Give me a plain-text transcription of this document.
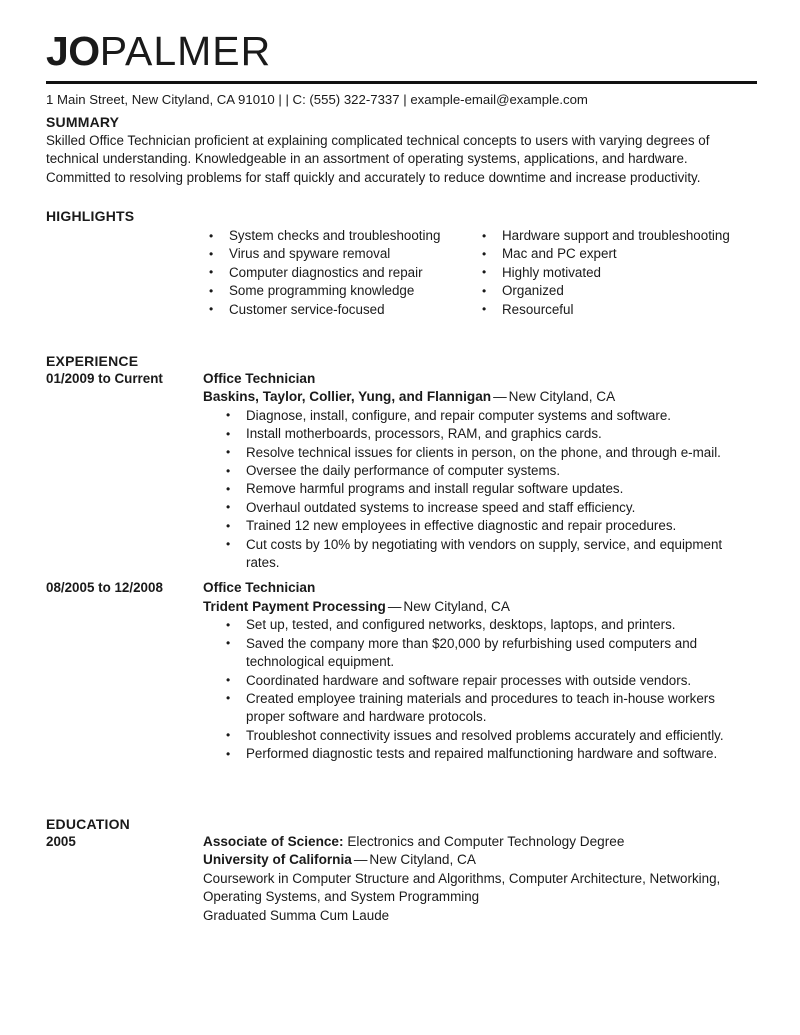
JOPALMER
1 Main Street, New Cityland, CA 91010 | | C: (555) 322-7337 | example-email@example.com
SUMMARY
Skilled Office Technician proficient at explaining complicated technical concepts to users with varying degrees of technical understanding. Knowledgeable in an assortment of operating systems, applications, and hardware. Committed to resolving problems for staff quickly and accurately to reduce downtime and increase productivity.
HIGHLIGHTS
• System checks and troubleshooting
• Virus and spyware removal
• Computer diagnostics and repair
• Some programming knowledge
• Customer service-focused
• Hardware support and troubleshooting
• Mac and PC expert
• Highly motivated
• Organized
• Resourceful
EXPERIENCE
01/2009 to Current	Office Technician
Baskins, Taylor, Collier, Yung, and Flannigan — New Cityland, CA
• Diagnose, install, configure, and repair computer systems and software.
• Install motherboards, processors, RAM, and graphics cards.
• Resolve technical issues for clients in person, on the phone, and through e-mail.
• Oversee the daily performance of computer systems.
• Remove harmful programs and install regular software updates.
• Overhaul outdated systems to increase speed and staff efficiency.
• Trained 12 new employees in effective diagnostic and repair procedures.
• Cut costs by 10% by negotiating with vendors on supply, service, and equipment rates.
08/2005 to 12/2008	Office Technician
Trident Payment Processing — New Cityland, CA
• Set up, tested, and configured networks, desktops, laptops, and printers.
• Saved the company more than $20,000 by refurbishing used computers and technological equipment.
• Coordinated hardware and software repair processes with outside vendors.
• Created employee training materials and procedures to teach in-house workers proper software and hardware protocols.
• Troubleshot connectivity issues and resolved problems accurately and efficiently.
• Performed diagnostic tests and repaired malfunctioning hardware and software.
EDUCATION
2005	Associate of Science: Electronics and Computer Technology Degree
University of California — New Cityland, CA
Coursework in Computer Structure and Algorithms, Computer Architecture, Networking, Operating Systems, and System Programming
Graduated Summa Cum Laude
